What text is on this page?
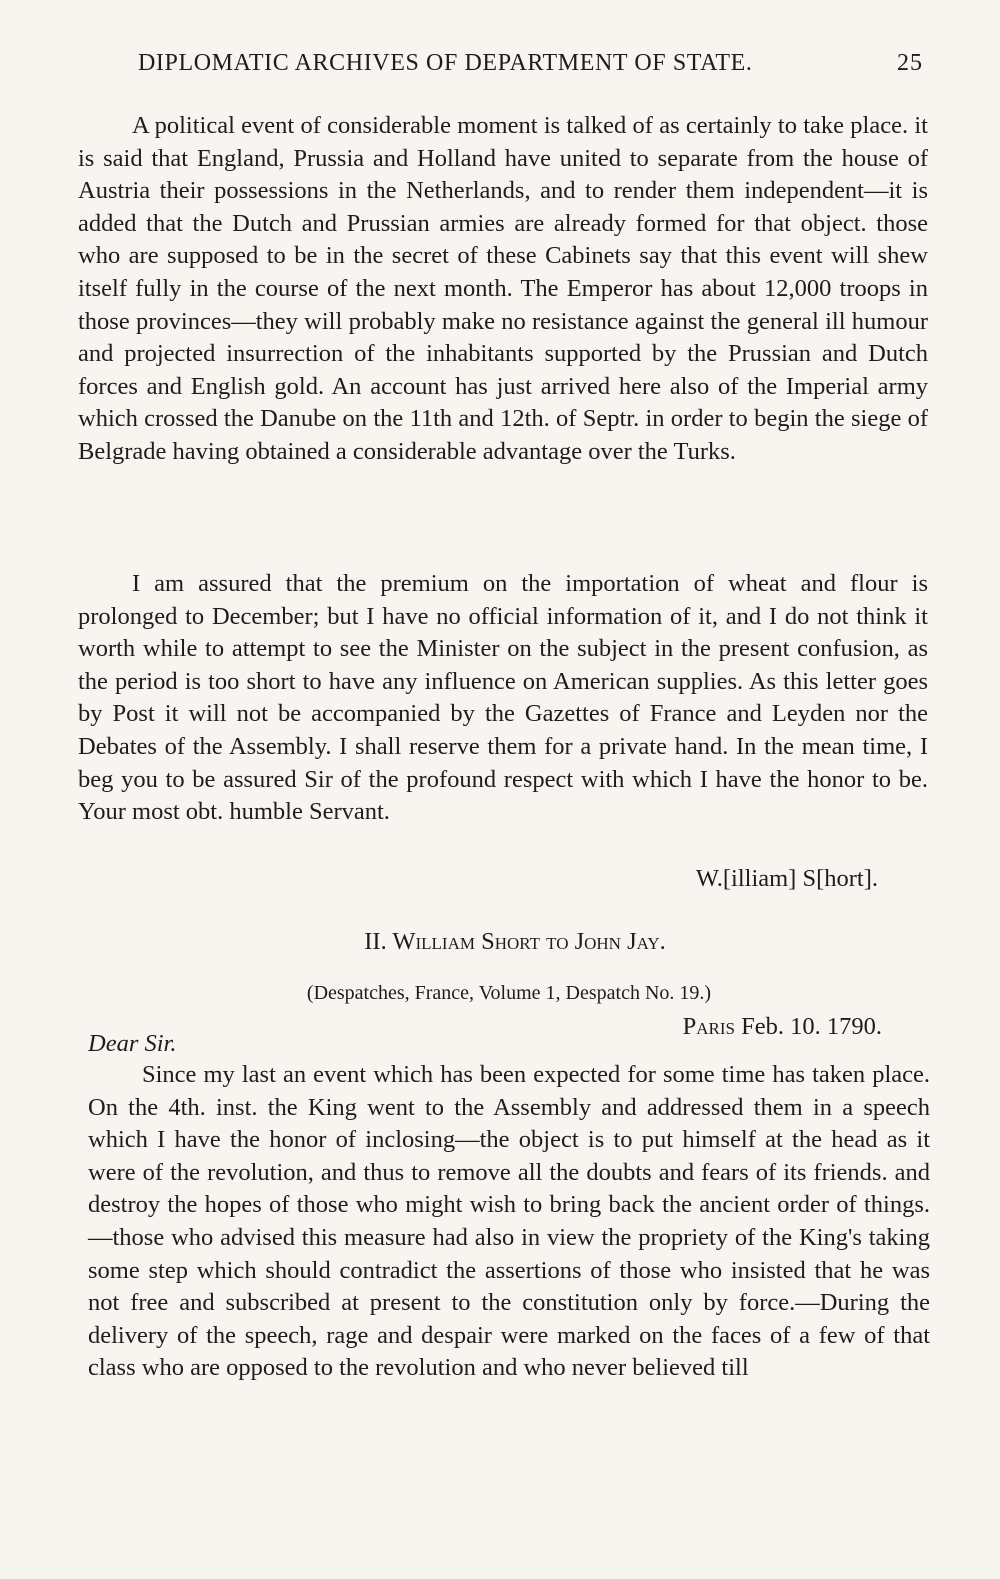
DIPLOMATIC ARCHIVES OF DEPARTMENT OF STATE.	25

A political event of considerable moment is talked of as certainly to take place. it is said that England, Prussia and Holland have united to separate from the house of Austria their possessions in the Netherlands, and to render them independent—it is added that the Dutch and Prussian armies are already formed for that object. those who are supposed to be in the secret of these Cabinets say that this event will shew itself fully in the course of the next month. The Emperor has about 12,000 troops in those provinces—they will probably make no resistance against the general ill humour and projected insurrection of the inhabitants supported by the Prussian and Dutch forces and English gold. An account has just arrived here also of the Imperial army which crossed the Danube on the 11th and 12th. of Septr. in order to begin the siege of Belgrade having obtained a considerable advantage over the Turks.

I am assured that the premium on the importation of wheat and flour is prolonged to December; but I have no official information of it, and I do not think it worth while to attempt to see the Minister on the subject in the present confusion, as the period is too short to have any influence on American supplies. As this letter goes by Post it will not be accompanied by the Gazettes of France and Leyden nor the Debates of the Assembly. I shall reserve them for a private hand. In the mean time, I beg you to be assured Sir of the profound respect with which I have the honor to be. Your most obt. humble Servant.

W.[illiam] S[hort].
II. William Short to John Jay.
(Despatches, France, Volume 1, Despatch No. 19.)
Paris Feb. 10. 1790.
Dear Sir.

Since my last an event which has been expected for some time has taken place. On the 4th. inst. the King went to the Assembly and addressed them in a speech which I have the honor of inclosing—the object is to put himself at the head as it were of the revolution, and thus to remove all the doubts and fears of its friends. and destroy the hopes of those who might wish to bring back the ancient order of things.—those who advised this measure had also in view the propriety of the King's taking some step which should contradict the assertions of those who insisted that he was not free and subscribed at present to the constitution only by force.—During the delivery of the speech, rage and despair were marked on the faces of a few of that class who are opposed to the revolution and who never believed till
